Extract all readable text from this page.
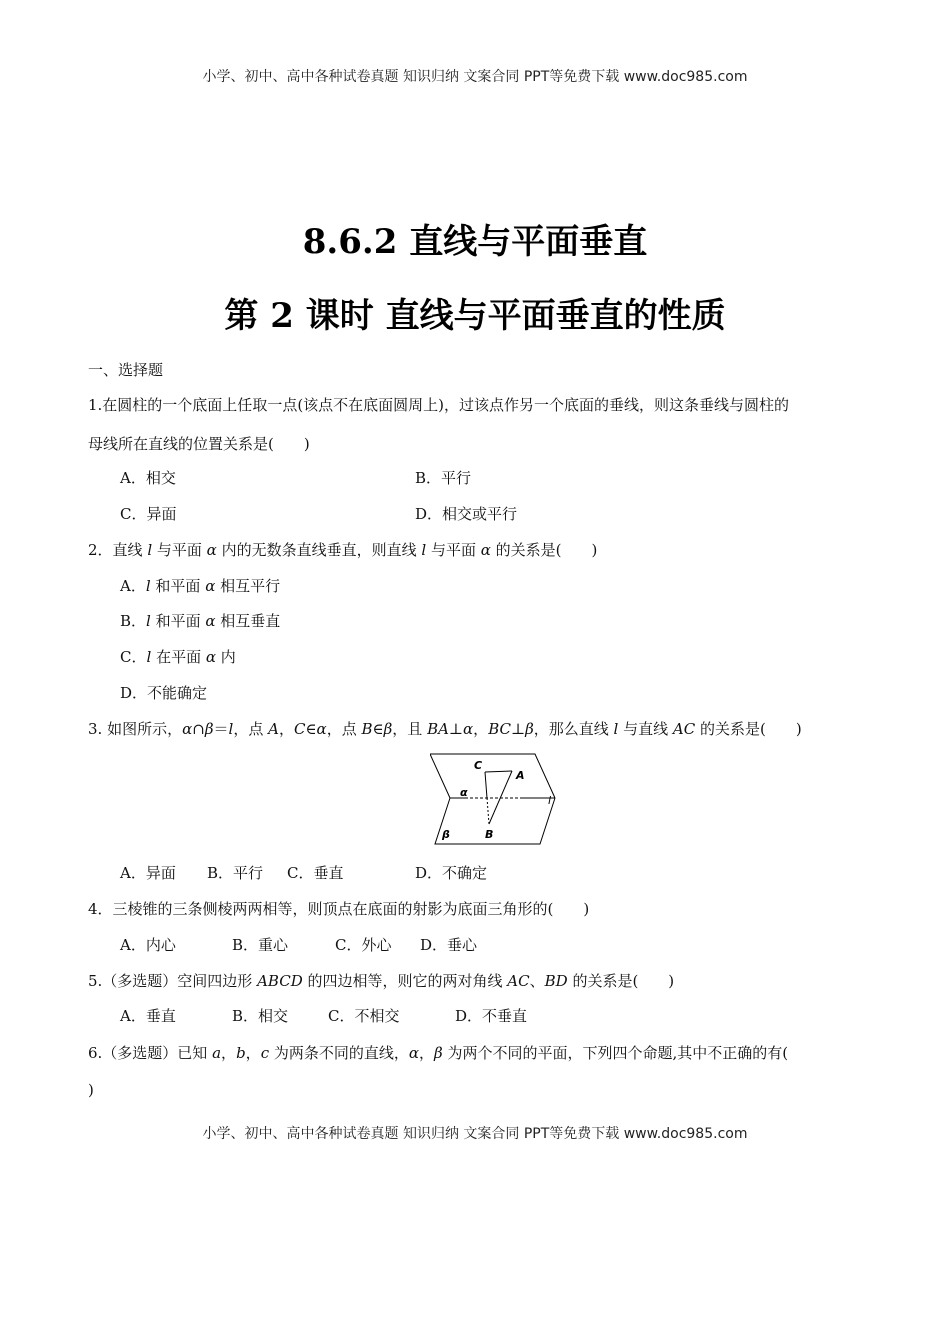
小学、初中、高中各种试卷真题 知识归纳 文案合同 PPT等免费下载 www.doc985.com
8.6.2 直线与平面垂直
第 2 课时 直线与平面垂直的性质
一、选择题
1.在圆柱的一个底面上任取一点(该点不在底面圆周上)，过该点作另一个底面的垂线，则这条垂线与圆柱的
母线所在直线的位置关系是(　　)
A．相交	B．平行
C．异面	D．相交或平行
2．直线 l 与平面 α 内的无数条直线垂直，则直线 l 与平面 α 的关系是(　　)
A．l 和平面 α 相互平行
B．l 和平面 α 相互垂直
C．l 在平面 α 内
D．不能确定
3. 如图所示，α∩β＝l，点 A，C∈α，点 B∈β，且 BA⊥α，BC⊥β，那么直线 l 与直线 AC 的关系是(　　)
C
A
α
l
β	B
A．异面 B．平行 C．垂直	D．不确定
4．三棱锥的三条侧棱两两相等，则顶点在底面的射影为底面三角形的(　　)
A．内心	B．重心	C．外心 D．垂心
5.（多选题）空间四边形 ABCD 的四边相等，则它的两对角线 AC、BD 的关系是(　　)
A．垂直	B．相交	C．不相交	D．不垂直
6.（多选题）已知 a，b，c 为两条不同的直线，α，β 为两个不同的平面，下列四个命题,其中不正确的有(
)
小学、初中、高中各种试卷真题 知识归纳 文案合同 PPT等免费下载 www.doc985.com
